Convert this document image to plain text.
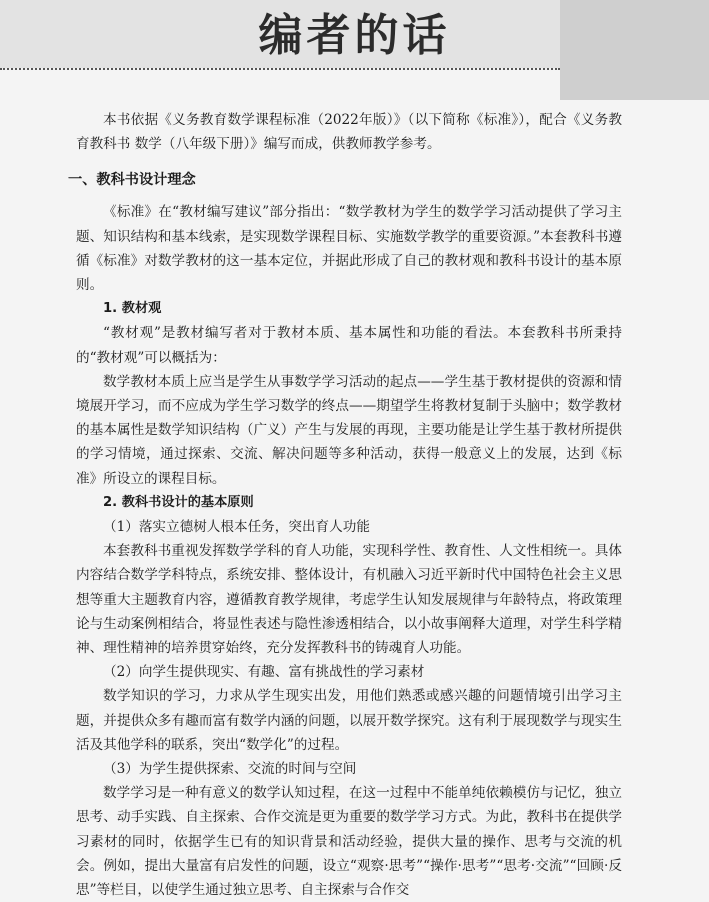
编者的话

本书依据《义务教育数学课程标准（2022年版）》（以下简称《标准》），配合《义务教育教科书 数学（八年级下册）》编写而成，供教师教学参考。

一、教科书设计理念

《标准》在“教材编写建议”部分指出：“数学教材为学生的数学学习活动提供了学习主题、知识结构和基本线索，是实现数学课程目标、实施数学教学的重要资源。”本套教科书遵循《标准》对数学教材的这一基本定位，并据此形成了自己的教材观和教科书设计的基本原则。

1. 教材观

“教材观”是教材编写者对于教材本质、基本属性和功能的看法。本套教科书所秉持的“教材观”可以概括为：

数学教材本质上应当是学生从事数学学习活动的起点——学生基于教材提供的资源和情境展开学习，而不应成为学生学习数学的终点——期望学生将教材复制于头脑中；数学教材的基本属性是数学知识结构（广义）产生与发展的再现，主要功能是让学生基于教材所提供的学习情境，通过探索、交流、解决问题等多种活动，获得一般意义上的发展，达到《标准》所设立的课程目标。

2. 教科书设计的基本原则
（1）落实立德树人根本任务，突出育人功能

本套教科书重视发挥数学学科的育人功能，实现科学性、教育性、人文性相统一。具体内容结合数学学科特点，系统安排、整体设计，有机融入习近平新时代中国特色社会主义思想等重大主题教育内容，遵循教育教学规律，考虑学生认知发展规律与年龄特点，将政策理论与生动案例相结合，将显性表述与隐性渗透相结合，以小故事阐释大道理，对学生科学精神、理性精神的培养贯穿始终，充分发挥教科书的铸魂育人功能。

（2）向学生提供现实、有趣、富有挑战性的学习素材

数学知识的学习，力求从学生现实出发，用他们熟悉或感兴趣的问题情境引出学习主题，并提供众多有趣而富有数学内涵的问题，以展开数学探究。这有利于展现数学与现实生活及其他学科的联系，突出“数学化”的过程。

（3）为学生提供探索、交流的时间与空间

数学学习是一种有意义的数学认知过程，在这一过程中不能单纯依赖模仿与记忆，独立思考、动手实践、自主探索、合作交流是更为重要的数学学习方式。为此，教科书在提供学习素材的同时，依据学生已有的知识背景和活动经验，提供大量的操作、思考与交流的机会。例如，提出大量富有启发性的问题，设立“观察·思考”“操作·思考”“思考·交流”“回顾·反思”等栏目，以使学生通过独立思考、自主探索与合作交
